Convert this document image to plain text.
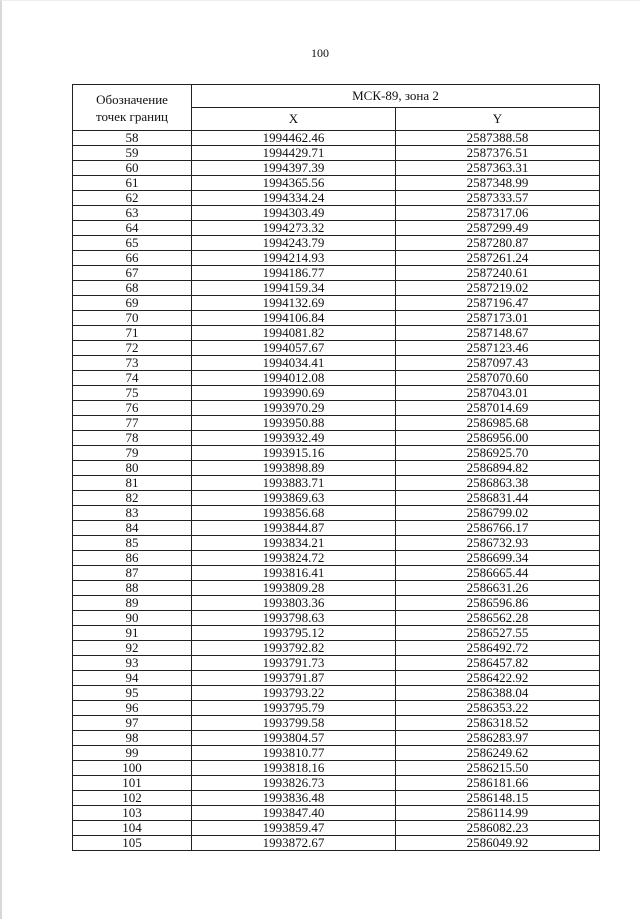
100
Обозначение
точек границ	МСК-89, зона 2	
	X	Y
58	1994462.46	2587388.58
59	1994429.71	2587376.51
60	1994397.39	2587363.31
61	1994365.56	2587348.99
62	1994334.24	2587333.57
63	1994303.49	2587317.06
64	1994273.32	2587299.49
65	1994243.79	2587280.87
66	1994214.93	2587261.24
67	1994186.77	2587240.61
68	1994159.34	2587219.02
69	1994132.69	2587196.47
70	1994106.84	2587173.01
71	1994081.82	2587148.67
72	1994057.67	2587123.46
73	1994034.41	2587097.43
74	1994012.08	2587070.60
75	1993990.69	2587043.01
76	1993970.29	2587014.69
77	1993950.88	2586985.68
78	1993932.49	2586956.00
79	1993915.16	2586925.70
80	1993898.89	2586894.82
81	1993883.71	2586863.38
82	1993869.63	2586831.44
83	1993856.68	2586799.02
84	1993844.87	2586766.17
85	1993834.21	2586732.93
86	1993824.72	2586699.34
87	1993816.41	2586665.44
88	1993809.28	2586631.26
89	1993803.36	2586596.86
90	1993798.63	2586562.28
91	1993795.12	2586527.55
92	1993792.82	2586492.72
93	1993791.73	2586457.82
94	1993791.87	2586422.92
95	1993793.22	2586388.04
96	1993795.79	2586353.22
97	1993799.58	2586318.52
98	1993804.57	2586283.97
99	1993810.77	2586249.62
100	1993818.16	2586215.50
101	1993826.73	2586181.66
102	1993836.48	2586148.15
103	1993847.40	2586114.99
104	1993859.47	2586082.23
105	1993872.67	2586049.92
